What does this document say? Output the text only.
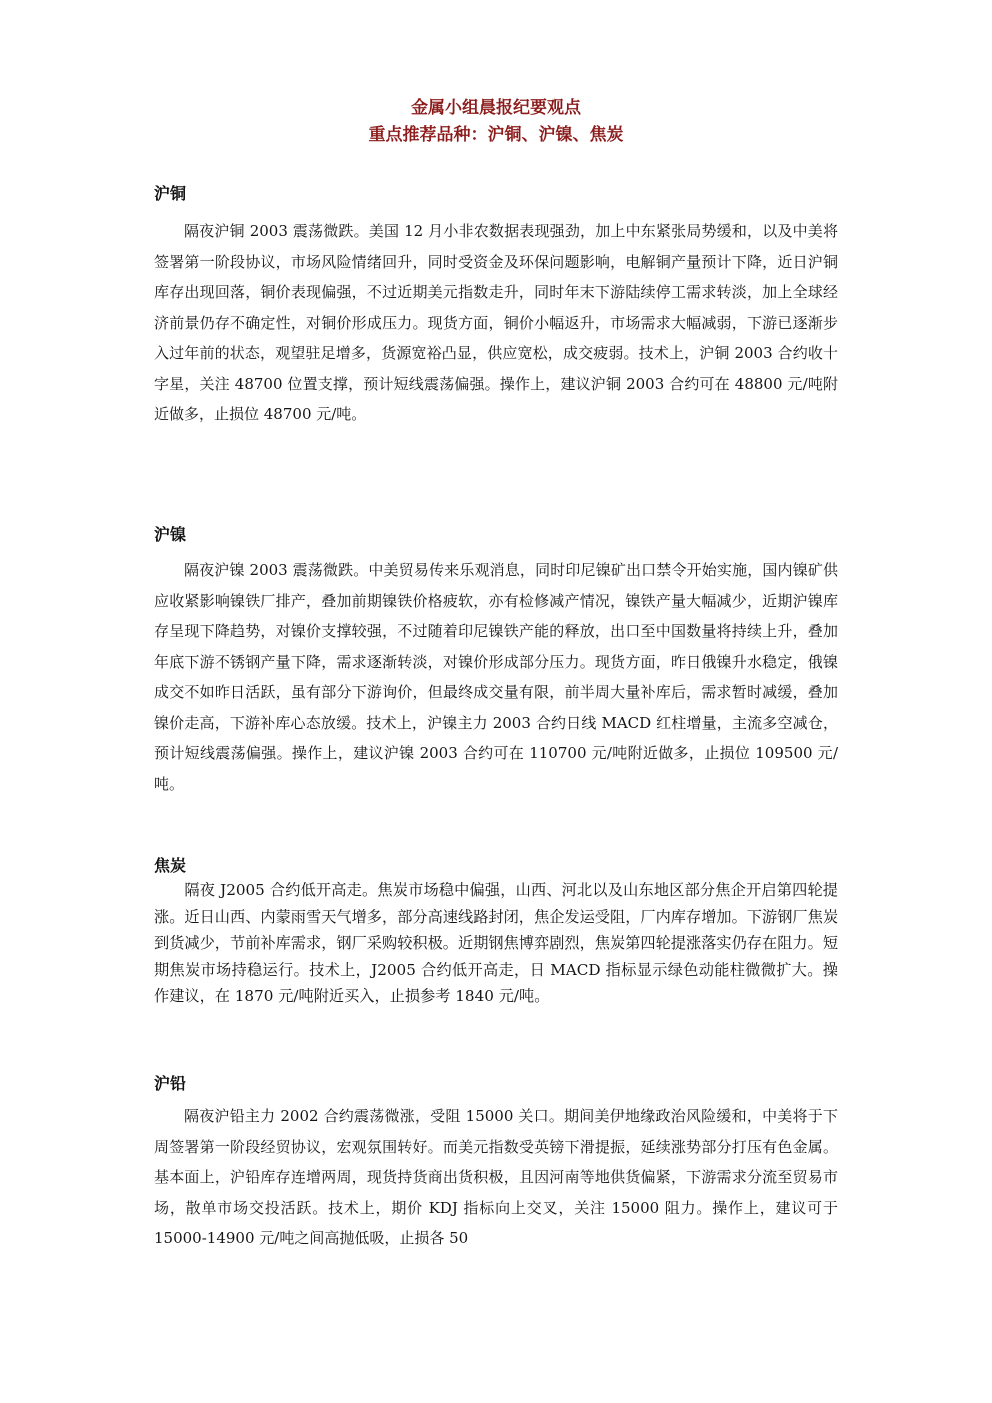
金属小组晨报纪要观点
重点推荐品种：沪铜、沪镍、焦炭
沪铜

隔夜沪铜 2003 震荡微跌。美国 12 月小非农数据表现强劲，加上中东紧张局势缓和，以及中美将签署第一阶段协议，市场风险情绪回升，同时受资金及环保问题影响，电解铜产量预计下降，近日沪铜库存出现回落，铜价表现偏强，不过近期美元指数走升，同时年末下游陆续停工需求转淡，加上全球经济前景仍存不确定性，对铜价形成压力。现货方面，铜价小幅返升，市场需求大幅减弱，下游已逐渐步入过年前的状态，观望驻足增多，货源宽裕凸显，供应宽松，成交疲弱。技术上，沪铜 2003 合约收十字星，关注 48700 位置支撑，预计短线震荡偏强。操作上，建议沪铜 2003 合约可在 48800 元/吨附近做多，止损位 48700 元/吨。

沪镍

隔夜沪镍 2003 震荡微跌。中美贸易传来乐观消息，同时印尼镍矿出口禁令开始实施，国内镍矿供应收紧影响镍铁厂排产，叠加前期镍铁价格疲软，亦有检修减产情况，镍铁产量大幅减少，近期沪镍库存呈现下降趋势，对镍价支撑较强，不过随着印尼镍铁产能的释放，出口至中国数量将持续上升，叠加年底下游不锈钢产量下降，需求逐渐转淡，对镍价形成部分压力。现货方面，昨日俄镍升水稳定，俄镍成交不如昨日活跃，虽有部分下游询价，但最终成交量有限，前半周大量补库后，需求暂时减缓，叠加镍价走高，下游补库心态放缓。技术上，沪镍主力 2003 合约日线 MACD 红柱增量，主流多空减仓，预计短线震荡偏强。操作上，建议沪镍 2003 合约可在 110700 元/吨附近做多，止损位 109500 元/吨。

焦炭

隔夜 J2005 合约低开高走。焦炭市场稳中偏强，山西、河北以及山东地区部分焦企开启第四轮提涨。近日山西、内蒙雨雪天气增多，部分高速线路封闭，焦企发运受阻，厂内库存增加。下游钢厂焦炭到货减少，节前补库需求，钢厂采购较积极。近期钢焦博弈剧烈，焦炭第四轮提涨落实仍存在阻力。短期焦炭市场持稳运行。技术上，J2005 合约低开高走，日 MACD 指标显示绿色动能柱微微扩大。操作建议，在 1870 元/吨附近买入，止损参考 1840 元/吨。

沪铅

隔夜沪铅主力 2002 合约震荡微涨，受阻 15000 关口。期间美伊地缘政治风险缓和，中美将于下周签署第一阶段经贸协议，宏观氛围转好。而美元指数受英镑下滑提振，延续涨势部分打压有色金属。基本面上，沪铅库存连增两周，现货持货商出货积极，且因河南等地供货偏紧，下游需求分流至贸易市场，散单市场交投活跃。技术上，期价 KDJ 指标向上交叉，关注 15000 阻力。操作上，建议可于 15000-14900 元/吨之间高抛低吸，止损各 50
